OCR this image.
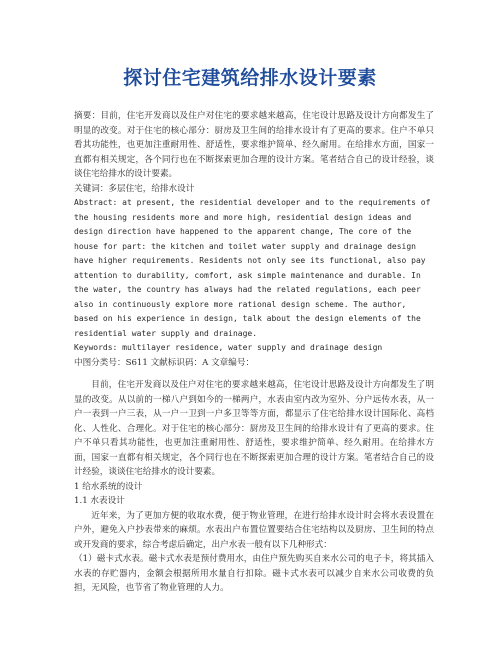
探讨住宅建筑给排水设计要素

摘要：目前，住宅开发商以及住户对住宅的要求越来越高，住宅设计思路及设计方向都发生了明显的改变。对于住宅的核心部分：厨房及卫生间的给排水设计有了更高的要求。住户不单只看其功能性，也更加注重耐用性、舒适性，要求维护简单、经久耐用。在给排水方面，国家一直都有相关规定，各个同行也在不断探索更加合理的设计方案。笔者结合自己的设计经验，谈谈住宅给排水的设计要素。

关键词：多层住宅，给排水设计

Abstract: at present, the residential developer and to the requirements of the housing residents more and more high, residential design ideas and design direction have happened to the apparent change, The core of the house for part: the kitchen and toilet water supply and drainage design have higher requirements. Residents not only see its functional, also pay attention to durability, comfort, ask simple maintenance and durable. In the water, the country has always had the related regulations, each peer also in continuously explore more rational design scheme. The author, based on his experience in design, talk about the design elements of the residential water supply and drainage.

Keywords: multilayer residence, water supply and drainage design

中图分类号：S611 文献标识码：A 文章编号：

目前，住宅开发商以及住户对住宅的要求越来越高，住宅设计思路及设计方向都发生了明显的改变。从以前的一梯八户到如今的一梯两户，水表由室内改为室外、分户远传水表，从一户一表到一户三表，从一户一卫到一户多卫等等方面，都显示了住宅给排水设计国际化、高档化、人性化、合理化。对于住宅的核心部分：厨房及卫生间的给排水设计有了更高的要求。住户不单只看其功能性，也更加注重耐用性、舒适性，要求维护简单、经久耐用。在给排水方面，国家一直都有相关规定，各个同行也在不断探索更加合理的设计方案。笔者结合自己的设计经验，谈谈住宅给排水的设计要素。

1 给水系统的设计

1.1 水表设计

近年来，为了更加方便的收取水费，便于物业管理，在进行给排水设计时会将水表设置在户外，避免入户抄表带来的麻烦。水表出户布置位置要结合住宅结构以及厨房、卫生间的特点或开发商的要求，综合考虑后确定，出户水表一般有以下几种形式：

（1）磁卡式水表。磁卡式水表是预付费用水，由住户预先购买自来水公司的电子卡，将其插入水表的存贮器内，金额会根据所用水量自行扣除。磁卡式水表可以减少自来水公司收费的负担，无风险，也节省了物业管理的人力。
